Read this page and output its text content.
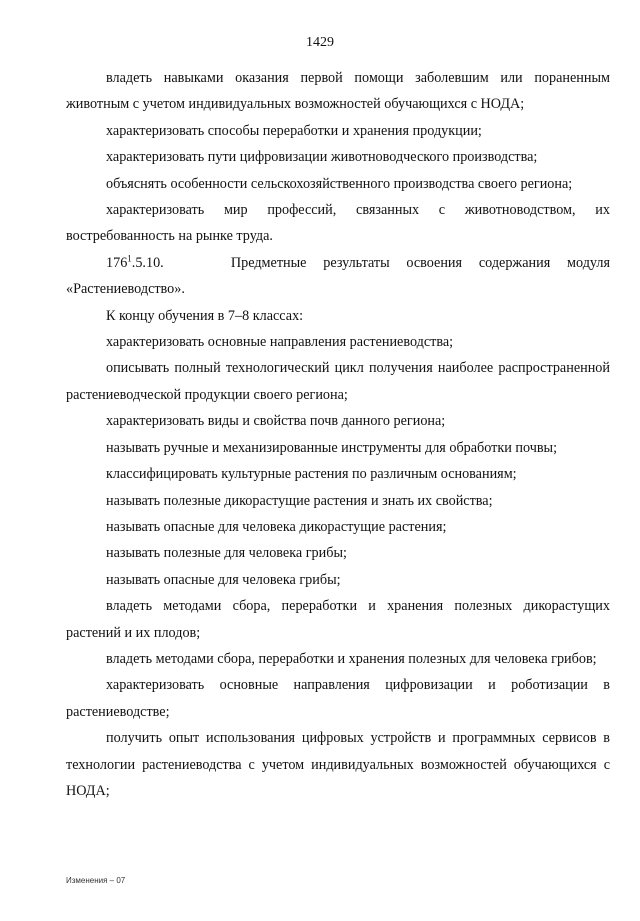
1429

владеть навыками оказания первой помощи заболевшим или пораненным животным с учетом индивидуальных возможностей обучающихся с НОДА;

характеризовать способы переработки и хранения продукции;

характеризовать пути цифровизации животноводческого производства;

объяснять особенности сельскохозяйственного производства своего региона;

характеризовать мир профессий, связанных с животноводством, их востребованность на рынке труда.

$176^1.5.10$.	Предметные результаты освоения содержания модуля «Растениеводство».

К концу обучения в 7–8 классах:

характеризовать основные направления растениеводства;

описывать полный технологический цикл получения наиболее распространенной растениеводческой продукции своего региона;

характеризовать виды и свойства почв данного региона;

называть ручные и механизированные инструменты для обработки почвы;

классифицировать культурные растения по различным основаниям;

называть полезные дикорастущие растения и знать их свойства;

называть опасные для человека дикорастущие растения;

называть полезные для человека грибы;

называть опасные для человека грибы;

владеть методами сбора, переработки и хранения полезных дикорастущих растений и их плодов;

владеть методами сбора, переработки и хранения полезных для человека грибов;

характеризовать основные направления цифровизации и роботизации в растениеводстве;

получить опыт использования цифровых устройств и программных сервисов в технологии растениеводства с учетом индивидуальных возможностей обучающихся с НОДА;

Изменения – 07
